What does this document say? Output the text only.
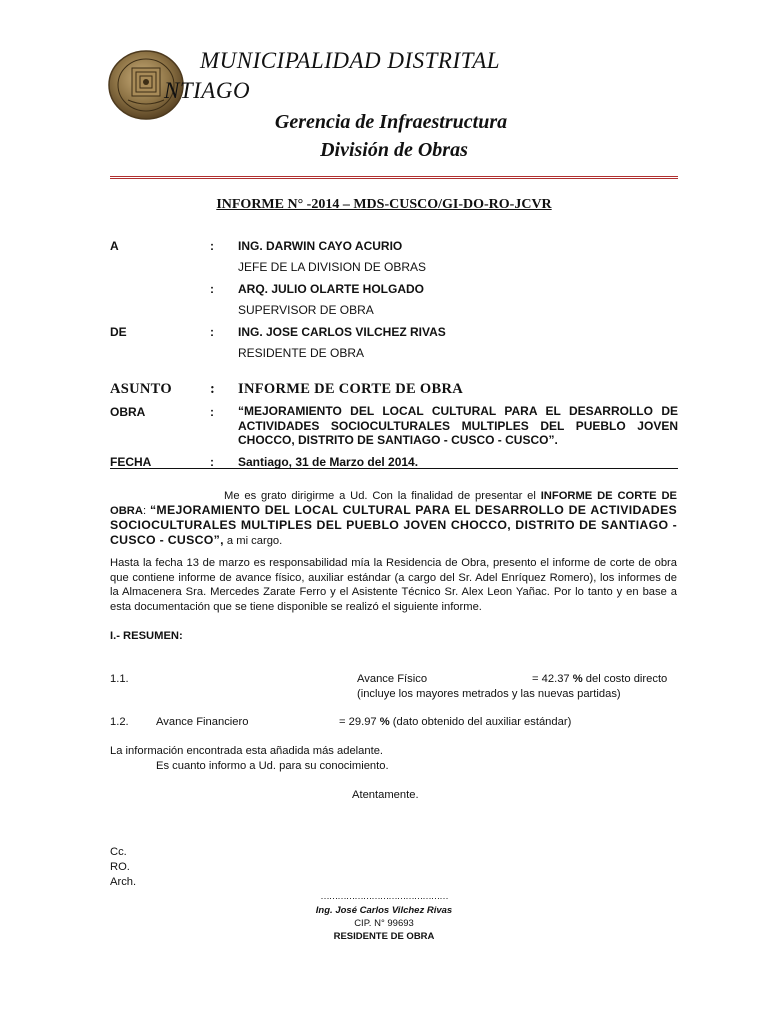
MUNICIPALIDAD DISTRITAL
NTIAGO
Gerencia de Infraestructura
División de Obras
INFORME N° -2014 – MDS-CUSCO/GI-DO-RO-JCVR
A	: ING. DARWIN CAYO ACURIO
JEFE DE LA DIVISION DE OBRAS
: ARQ. JULIO OLARTE HOLGADO
SUPERVISOR DE OBRA
DE	: ING. JOSE CARLOS VILCHEZ RIVAS
RESIDENTE DE OBRA
ASUNTO	: INFORME DE CORTE DE OBRA
OBRA	: “MEJORAMIENTO DEL LOCAL CULTURAL PARA EL DESARROLLO DE ACTIVIDADES SOCIOCULTURALES MULTIPLES DEL PUEBLO JOVEN CHOCCO, DISTRITO DE SANTIAGO - CUSCO - CUSCO”.
FECHA	: Santiago, 31 de Marzo del 2014.
Me es grato dirigirme a Ud. Con la finalidad de presentar el INFORME DE CORTE DE OBRA: “MEJORAMIENTO DEL LOCAL CULTURAL PARA EL DESARROLLO DE ACTIVIDADES SOCIOCULTURALES MULTIPLES DEL PUEBLO JOVEN CHOCCO, DISTRITO DE SANTIAGO - CUSCO - CUSCO”, a mi cargo.
Hasta la fecha 13 de marzo es responsabilidad mía la Residencia de Obra, presento el informe de corte de obra que contiene informe de avance físico, auxiliar estándar (a cargo del Sr. Adel Enríquez Romero), los informes de la Almacenera Sra. Mercedes Zarate Ferro y el Asistente Técnico Sr. Alex Leon Yañac. Por lo tanto y en base a esta documentación que se tiene disponible se realizó el siguiente informe.
I.- RESUMEN:
1.1.	Avance Físico	= 42.37 % del costo directo
(incluye los mayores metrados y las nuevas partidas)
1.2. Avance Financiero	= 29.97 % (dato obtenido del auxiliar estándar)
La información encontrada esta añadida más adelante.
Es cuanto informo a Ud. para su conocimiento.
Atentamente.
Cc.
RO.
Arch.
………………………………………
Ing. José Carlos Vilchez Rivas
CIP. N° 99693
RESIDENTE DE OBRA
